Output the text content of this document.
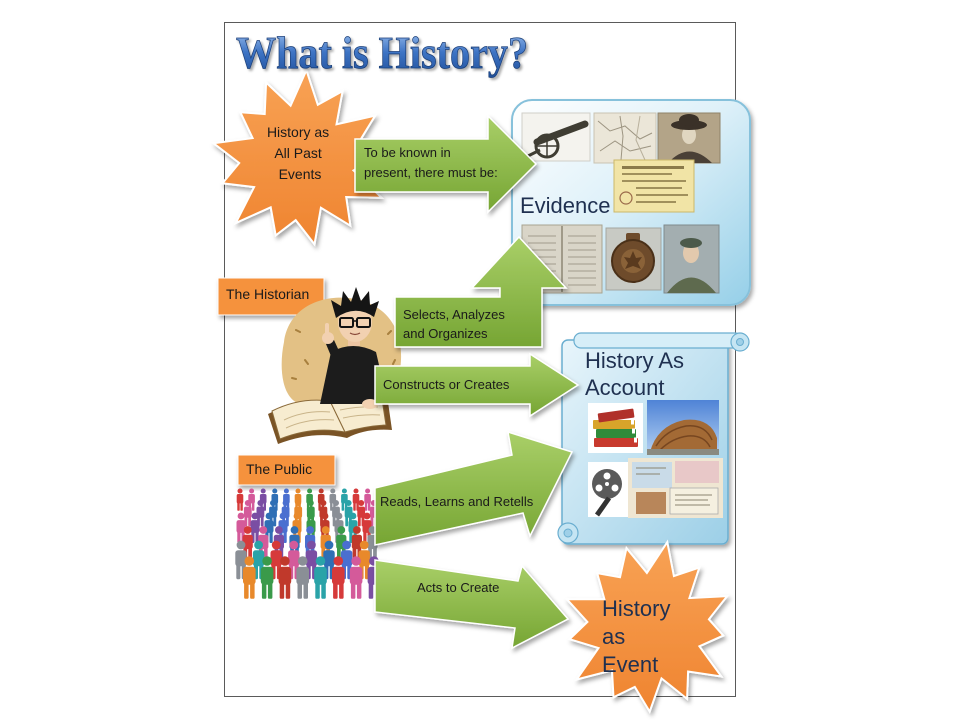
Evidence
History As Account
The Historian
The Public
To be known in present, there must be:
Selects, Analyzes and Organizes
Constructs or Creates
Reads, Learns and Retells
Acts to Create
History as All Past Events
History as Event
What is History?
